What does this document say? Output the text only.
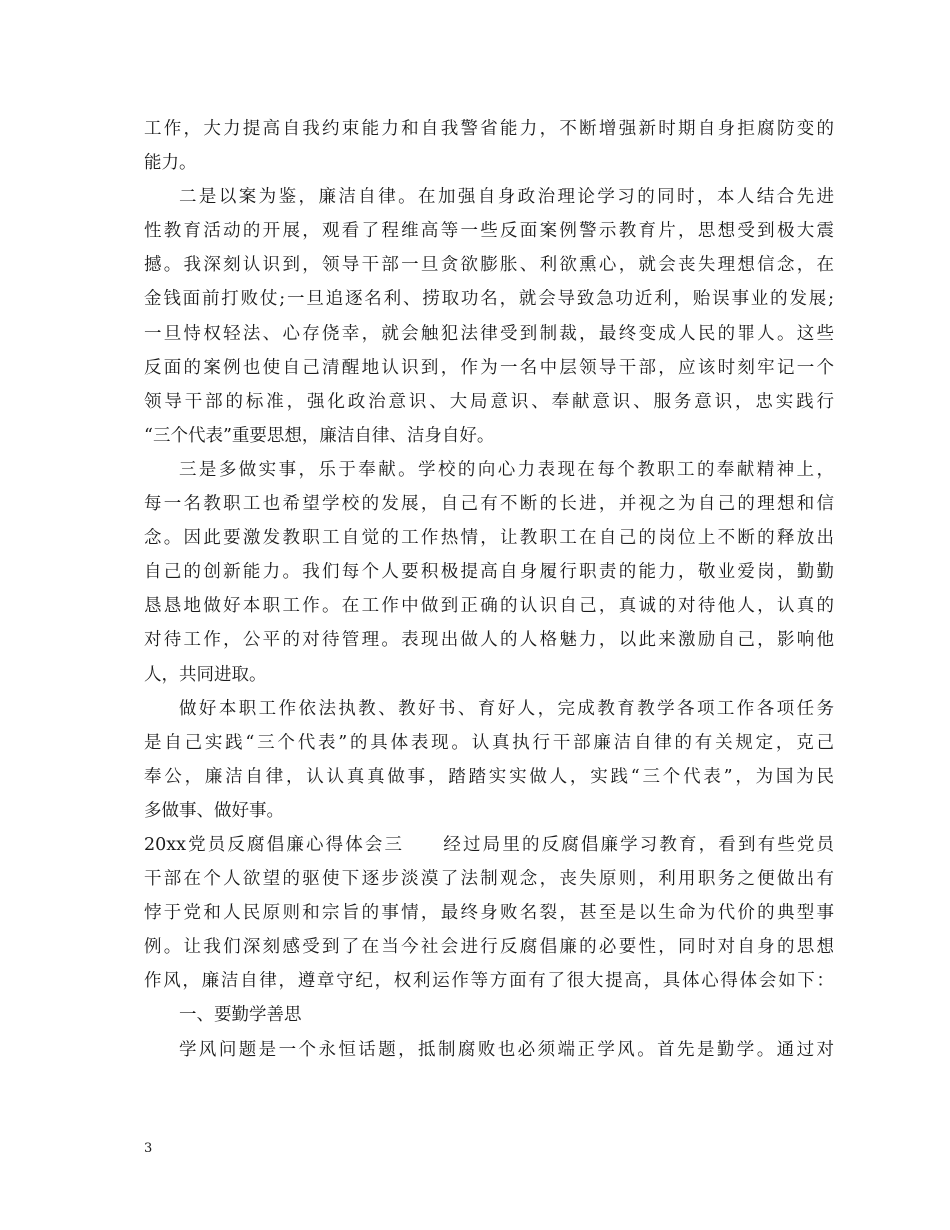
工作，大力提高自我约束能力和自我警省能力，不断增强新时期自身拒腐防变的
能力。
二是以案为鉴，廉洁自律。在加强自身政治理论学习的同时，本人结合先进
性教育活动的开展，观看了程维高等一些反面案例警示教育片，思想受到极大震
撼。我深刻认识到，领导干部一旦贪欲膨胀、利欲熏心，就会丧失理想信念，在
金钱面前打败仗;一旦追逐名利、捞取功名，就会导致急功近利，贻误事业的发展;
一旦恃权轻法、心存侥幸，就会触犯法律受到制裁，最终变成人民的罪人。这些
反面的案例也使自己清醒地认识到，作为一名中层领导干部，应该时刻牢记一个
领导干部的标准，强化政治意识、大局意识、奉献意识、服务意识，忠实践行
“三个代表”重要思想，廉洁自律、洁身自好。
三是多做实事，乐于奉献。学校的向心力表现在每个教职工的奉献精神上，
每一名教职工也希望学校的发展，自己有不断的长进，并视之为自己的理想和信
念。因此要激发教职工自觉的工作热情，让教职工在自己的岗位上不断的释放出
自己的创新能力。我们每个人要积极提高自身履行职责的能力，敬业爱岗，勤勤
恳恳地做好本职工作。在工作中做到正确的认识自己，真诚的对待他人，认真的
对待工作，公平的对待管理。表现出做人的人格魅力，以此来激励自己，影响他
人，共同进取。
做好本职工作依法执教、教好书、育好人，完成教育教学各项工作各项任务
是自己实践“三个代表”的具体表现。认真执行干部廉洁自律的有关规定，克己
奉公，廉洁自律，认认真真做事，踏踏实实做人，实践“三个代表”，为国为民
多做事、做好事。
20xx党员反腐倡廉心得体会三　　经过局里的反腐倡廉学习教育，看到有些党员
干部在个人欲望的驱使下逐步淡漠了法制观念，丧失原则，利用职务之便做出有
悖于党和人民原则和宗旨的事情，最终身败名裂，甚至是以生命为代价的典型事
例。让我们深刻感受到了在当今社会进行反腐倡廉的必要性，同时对自身的思想
作风，廉洁自律，遵章守纪，权利运作等方面有了很大提高，具体心得体会如下：
一、要勤学善思
学风问题是一个永恒话题，抵制腐败也必须端正学风。首先是勤学。通过对
3
